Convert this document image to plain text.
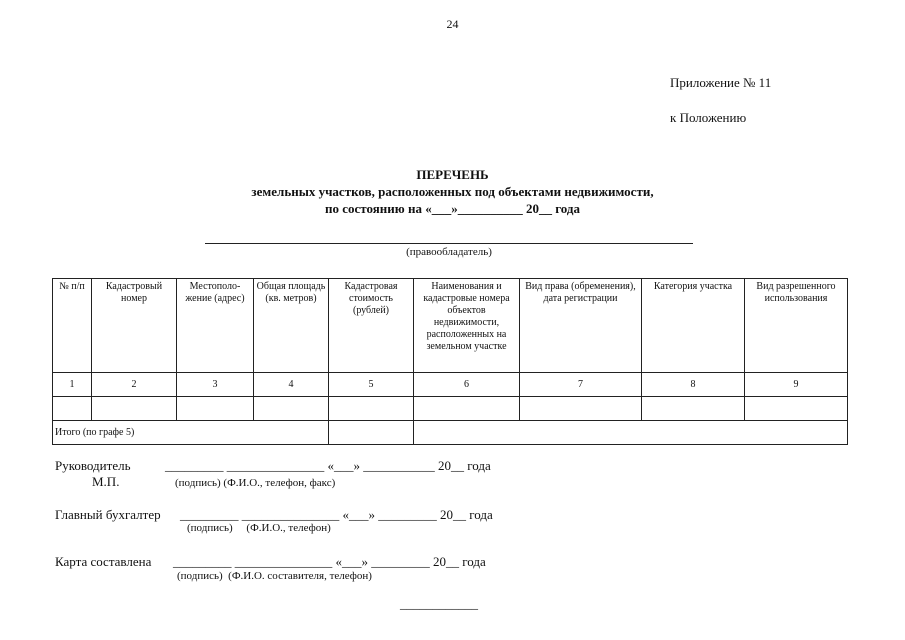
24
Приложение № 11
к Положению
ПЕРЕЧЕНЬ
земельных участков, расположенных под объектами недвижимости,
по состоянию на «___»__________ 20__ года
(правообладатель)
№ п/п	Кадастровый номер	Местополо-жение (адрес)	Общая площадь (кв. метров)	Кадастровая стоимость (рублей)	Наименования и кадастровые номера объектов недвижимости, расположенных на земельном участке	Вид права (обременения), дата регистрации	Категория участка	Вид разрешенного использования
1	2	3	4	5	6	7	8	9

Итого (по графе 5)								
Руководитель	_________ _______________ «___» ___________ 20__ года
М.П.	(подпись) (Ф.И.О., телефон, факс)
Главный бухгалтер _________ _______________ «___» _________ 20__ года
(подпись)     (Ф.И.О., телефон)
Карта составлена _________ _______________ «___» _________ 20__ года
(подпись)  (Ф.И.О. составителя, телефон)
____________
